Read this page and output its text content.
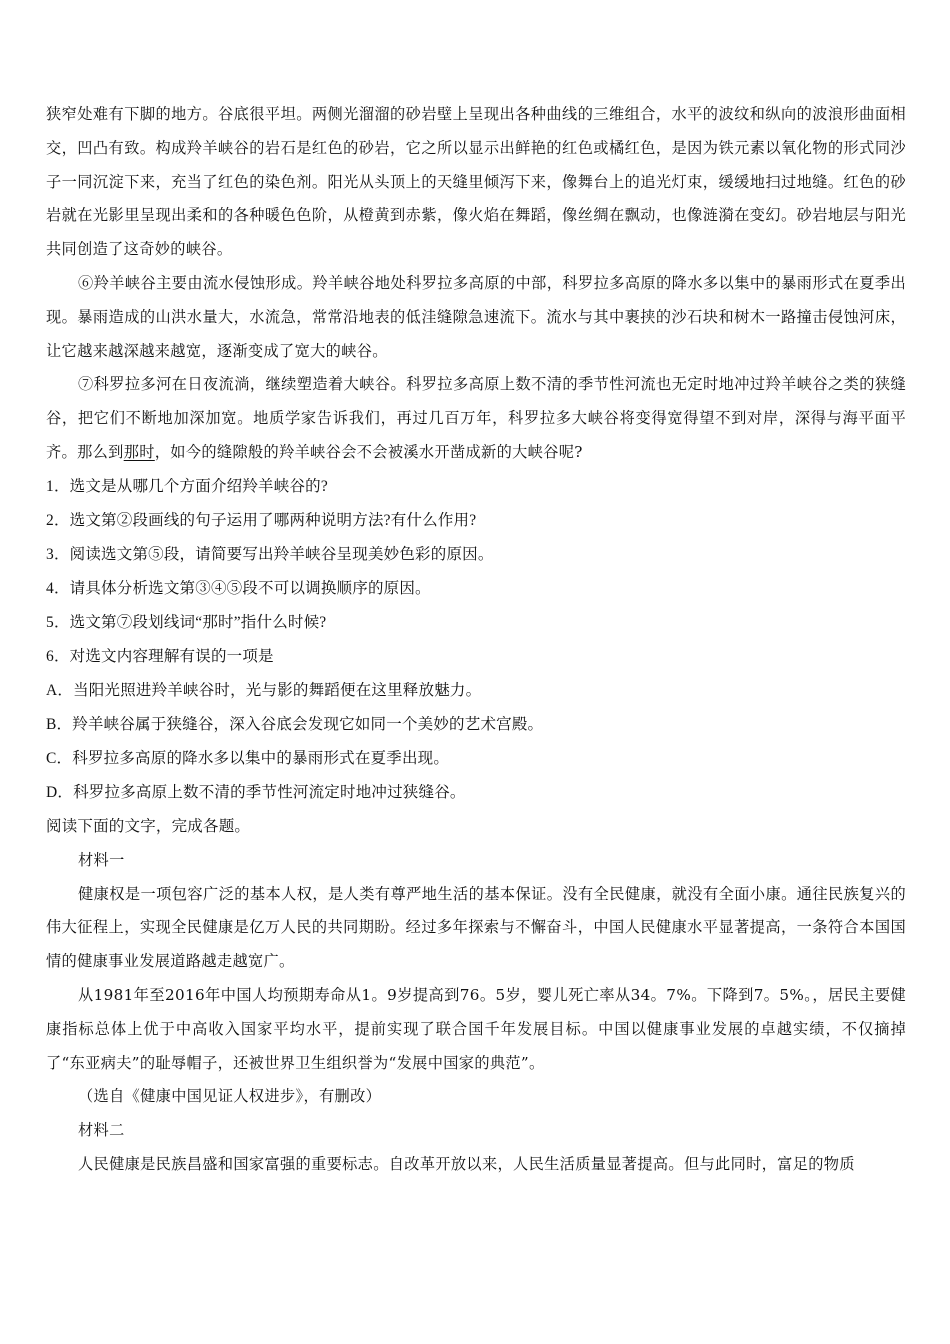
狭窄处难有下脚的地方。谷底很平坦。两侧光溜溜的砂岩壁上呈现出各种曲线的三维组合，水平的波纹和纵向的波浪形曲面相交，凹凸有致。构成羚羊峡谷的岩石是红色的砂岩，它之所以显示出鲜艳的红色或橘红色，是因为铁元素以氧化物的形式同沙子一同沉淀下来，充当了红色的染色剂。阳光从头顶上的天缝里倾泻下来，像舞台上的追光灯束，缓缓地扫过地缝。红色的砂岩就在光影里呈现出柔和的各种暖色色阶，从橙黄到赤紫，像火焰在舞蹈，像丝绸在飘动，也像涟漪在变幻。砂岩地层与阳光共同创造了这奇妙的峡谷。

⑥羚羊峡谷主要由流水侵蚀形成。羚羊峡谷地处科罗拉多高原的中部，科罗拉多高原的降水多以集中的暴雨形式在夏季出现。暴雨造成的山洪水量大，水流急，常常沿地表的低洼缝隙急速流下。流水与其中裹挟的沙石块和树木一路撞击侵蚀河床，让它越来越深越来越宽，逐渐变成了宽大的峡谷。

⑦科罗拉多河在日夜流淌，继续塑造着大峡谷。科罗拉多高原上数不清的季节性河流也无定时地冲过羚羊峡谷之类的狭缝谷，把它们不断地加深加宽。地质学家告诉我们，再过几百万年，科罗拉多大峡谷将变得宽得望不到对岸，深得与海平面平齐。那么到那时，如今的缝隙般的羚羊峡谷会不会被溪水开凿成新的大峡谷呢?

1．选文是从哪几个方面介绍羚羊峡谷的?

2．选文第②段画线的句子运用了哪两种说明方法?有什么作用?

3．阅读选文第⑤段，请简要写出羚羊峡谷呈现美妙色彩的原因。

4．请具体分析选文第③④⑤段不可以调换顺序的原因。

5．选文第⑦段划线词“那时”指什么时候?

6．对选文内容理解有误的一项是

A．当阳光照进羚羊峡谷时，光与影的舞蹈便在这里释放魅力。

B．羚羊峡谷属于狭缝谷，深入谷底会发现它如同一个美妙的艺术宫殿。

C．科罗拉多高原的降水多以集中的暴雨形式在夏季出现。

D．科罗拉多高原上数不清的季节性河流定时地冲过狭缝谷。

阅读下面的文字，完成各题。

材料一

健康权是一项包容广泛的基本人权，是人类有尊严地生活的基本保证。没有全民健康，就没有全面小康。通往民族复兴的伟大征程上，实现全民健康是亿万人民的共同期盼。经过多年探索与不懈奋斗，中国人民健康水平显著提高，一条符合本国国情的健康事业发展道路越走越宽广。

从1981年至2016年中国人均预期寿命从1。9岁提高到76。5岁，婴儿死亡率从34。7%。下降到7。5%。，居民主要健康指标总体上优于中高收入国家平均水平，提前实现了联合国千年发展目标。中国以健康事业发展的卓越实绩，不仅摘掉了“东亚病夫”的耻辱帽子，还被世界卫生组织誉为“发展中国家的典范”。

（选自《健康中国见证人权进步》，有删改）

材料二

人民健康是民族昌盛和国家富强的重要标志。自改革开放以来，人民生活质量显著提高。但与此同时，富足的物质
